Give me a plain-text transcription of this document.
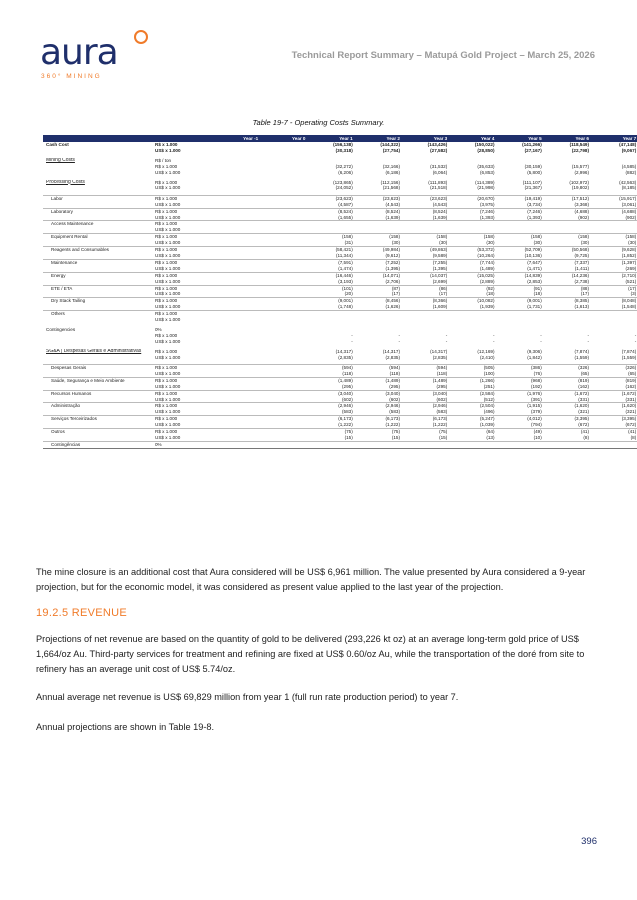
aura
360° MINING
Technical Report Summary – Matupá Gold Project – March 25, 2026
Table 19-7 - Operating Costs Summary.
		Year -1	Year 0	Year 1	Year 2	Year 3	Year 4	Year 5	Year 6	Year 7
Cash Cost	R$ x 1.000			(156,138)	(144,322)	(143,426)	(150,022)	(141,266)	(118,549)	(47,148)
	US$ x 1.000			(30,318)	(27,754)	(27,582)	(28,850)	(27,167)	(22,798)	(9,067)

Mining Costs	R$ / ton									
	R$ x 1.000			(32,272)	(32,166)	(31,532)	(35,633)	(30,159)	(15,577)	(4,585)
	US$ x 1.000			(6,206)	(6,186)	(6,064)	(6,853)	(5,800)	(2,996)	(882)

Processing Costs	R$ x 1.000			(123,865)	(112,156)	(111,893)	(114,389)	(111,107)	(102,972)	(42,563)
	US$ x 1.000			(24,052)	(21,568)	(21,518)	(21,998)	(21,367)	(19,802)	(8,185)

Labor	R$ x 1.000			(23,623)	(23,623)	(23,623)	(20,670)	(19,419)	(17,512)	(15,917)
	US$ x 1.000			(4,587)	(4,543)	(4,543)	(3,975)	(3,734)	(3,368)	(3,061)
Laboratory	R$ x 1.000			(8,524)	(8,524)	(8,524)	(7,246)	(7,246)	(4,688)	(4,688)
	US$ x 1.000			(1,655)	(1,639)	(1,639)	(1,393)	(1,393)	(902)	(902)
Access Maintenance	R$ x 1.000									
	US$ x 1.000									
Equipment Rental	R$ x 1.000			(158)	(158)	(158)	(158)	(158)	(158)	(158)
	US$ x 1.000			(31)	(30)	(30)	(30)	(30)	(30)	(30)
Reagents and Consumables	R$ x 1.000			(58,421)	(49,984)	(49,863)	(53,372)	(52,709)	(50,568)	(9,628)
	US$ x 1.000			(11,344)	(9,612)	(9,589)	(10,264)	(10,136)	(9,725)	(1,852)
Maintenance	R$ x 1.000			(7,591)	(7,252)	(7,255)	(7,744)	(7,647)	(7,337)	(1,397)
	US$ x 1.000			(1,474)	(1,395)	(1,395)	(1,489)	(1,471)	(1,411)	(269)
Energy	R$ x 1.000			(16,446)	(14,071)	(14,037)	(15,025)	(14,839)	(14,236)	(2,710)
	US$ x 1.000			(3,193)	(2,706)	(2,699)	(2,889)	(2,853)	(2,738)	(521)
ETE / ETA	R$ x 1.000			(101)	(87)	(86)	(92)	(91)	(88)	(17)
	US$ x 1.000			(20)	(17)	(17)	(18)	(18)	(17)	(3)
Dry Stack Tailing	R$ x 1.000			(9,001)	(8,456)	(8,366)	(10,082)	(9,001)	(8,385)	(8,048)
	US$ x 1.000			(1,748)	(1,626)	(1,609)	(1,939)	(1,731)	(1,613)	(1,548)
Others	R$ x 1.000									
	US$ x 1.000									

Contingencies	0%									
	R$ x 1.000			-	-	-	-	-	-	-
	US$ x 1.000			-	-	-	-	-	-	-

SG&A | Despesas Gerais e Administrativas	R$ x 1.000			(14,317)	(14,317)	(14,317)	(12,169)	(9,306)	(7,874)	(7,874)
	US$ x 1.000			(2,835)	(2,835)	(2,835)	(2,410)	(1,842)	(1,559)	(1,559)

Despesas Gerais	R$ x 1.000			(594)	(594)	(594)	(505)	(386)	(326)	(326)
	US$ x 1.000			(118)	(118)	(118)	(100)	(76)	(65)	(65)
Saúde, Segurança e Meio Ambiente	R$ x 1.000			(1,489)	(1,489)	(1,489)	(1,266)	(968)	(819)	(819)
	US$ x 1.000			(295)	(295)	(295)	(251)	(192)	(162)	(162)
Recursos Humanos	R$ x 1.000			(3,040)	(3,040)	(3,040)	(2,584)	(1,976)	(1,672)	(1,672)
	US$ x 1.000			(602)	(602)	(602)	(512)	(391)	(331)	(331)
Administração	R$ x 1.000			(2,946)	(2,946)	(2,946)	(2,504)	(1,915)	(1,620)	(1,620)
	US$ x 1.000			(583)	(583)	(583)	(496)	(379)	(321)	(321)
Serviços Terceirizados	R$ x 1.000			(6,173)	(6,173)	(6,173)	(5,247)	(4,012)	(3,395)	(3,395)
	US$ x 1.000			(1,222)	(1,222)	(1,222)	(1,039)	(794)	(672)	(672)
Outros	R$ x 1.000			(75)	(75)	(75)	(64)	(49)	(41)	(41)
	US$ x 1.000			(15)	(15)	(15)	(13)	(10)	(8)	(8)
Contingências	0%									
The mine closure is an additional cost that Aura considered will be US$ 6,961 million. The value presented by Aura considered a 9-year projection, but for the economic model, it was considered as present value applied to the last year of the projection.
19.2.5 REVENUE
Projections of net revenue are based on the quantity of gold to be delivered (293,226 kt oz) at an average long-term gold price of US$ 1,664/oz Au. Third-party services for treatment and refining are fixed at US$ 0.60/oz Au, while the transportation of the doré from site to refinery has an average unit cost of US$ 5.74/oz.
Annual average net revenue is US$ 69,829 million from year 1 (full run rate production period) to year 7.
Annual projections are shown in Table 19-8.
396
